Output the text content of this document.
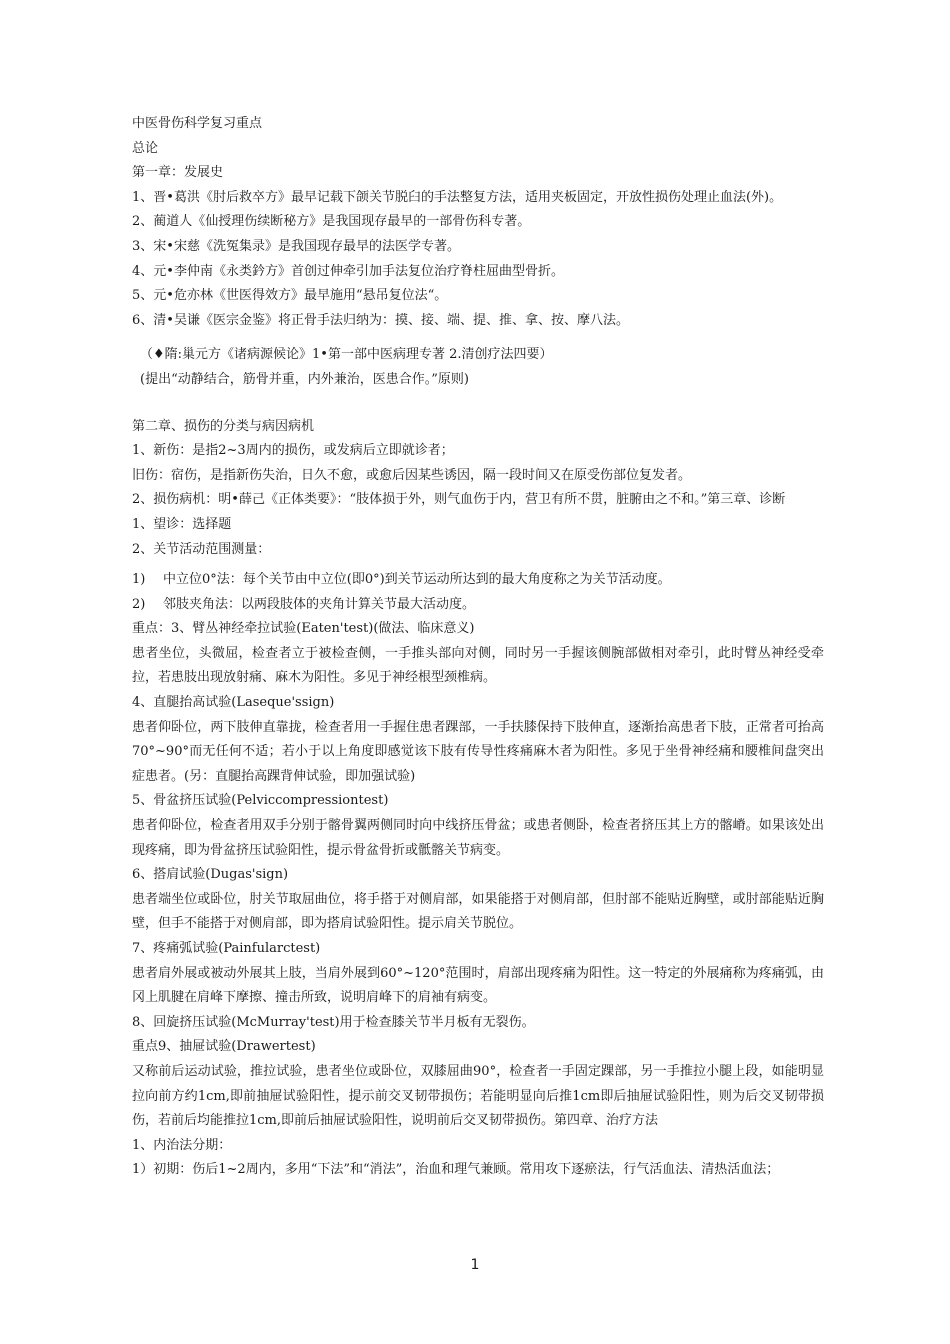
中医骨伤科学复习重点

总论

第一章：发展史

1、晋•葛洪《肘后救卒方》最早记载下颌关节脱臼的手法整复方法，适用夹板固定，开放性损伤处理止血法(外)。

2、蔺道人《仙授理伤续断秘方》是我国现存最早的一部骨伤科专著。

3、宋•宋慈《洗冤集录》是我国现存最早的法医学专著。

4、元•李仲南《永类鈐方》首创过伸牵引加手法复位治疗脊柱屈曲型骨折。

5、元•危亦林《世医得效方》最早施用“悬吊复位法“。

6、清•吴谦《医宗金鉴》将正骨手法归纳为：摸、接、端、提、推、拿、按、摩八法。

（♦隋:巢元方《诸病源候论》1•第一部中医病理专著 2.清创疗法四要）

(提出“动静结合，筋骨并重，内外兼治，医患合作。”原则)

第二章、损伤的分类与病因病机

1、新伤：是指2~3周内的损伤，或发病后立即就诊者；

旧伤：宿伤，是指新伤失治，日久不愈，或愈后因某些诱因，隔一段时间又在原受伤部位复发者。

2、损伤病机：明•薛己《正体类要》：“肢体损于外，则气血伤于内，营卫有所不贯，脏腑由之不和。”第三章、诊断

1、望诊：选择题

2、关节活动范围测量：

1) 中立位0°法：每个关节由中立位(即0°)到关节运动所达到的最大角度称之为关节活动度。

2) 邻肢夹角法：以两段肢体的夹角计算关节最大活动度。

重点：3、臂丛神经牵拉试验(Eaten'test)(做法、临床意义)

患者坐位，头微屈，检查者立于被检查侧，一手推头部向对侧，同时另一手握该侧腕部做相对牵引，此时臂丛神经受牵拉，若患肢出现放射痛、麻木为阳性。多见于神经根型颈椎病。

4、直腿抬高试验(Laseque'ssign)

患者仰卧位，两下肢伸直靠拢，检查者用一手握住患者踝部，一手扶膝保持下肢伸直，逐渐抬高患者下肢，正常者可抬高70°~90°而无任何不适；若小于以上角度即感觉该下肢有传导性疼痛麻木者为阳性。多见于坐骨神经痛和腰椎间盘突出症患者。(另：直腿抬高踝背伸试验，即加强试验)

5、骨盆挤压试验(Pelviccompressiontest)

患者仰卧位，检查者用双手分别于髂骨翼两侧同时向中线挤压骨盆；或患者侧卧，检查者挤压其上方的髂嵴。如果该处出现疼痛，即为骨盆挤压试验阳性，提示骨盆骨折或骶髂关节病变。

6、搭肩试验(Dugas'sign)

患者端坐位或卧位，肘关节取屈曲位，将手搭于对侧肩部，如果能搭于对侧肩部，但肘部不能贴近胸壁，或肘部能贴近胸壁，但手不能搭于对侧肩部，即为搭肩试验阳性。提示肩关节脱位。

7、疼痛弧试验(Painfularctest)

患者肩外展或被动外展其上肢，当肩外展到60°~120°范围时，肩部出现疼痛为阳性。这一特定的外展痛称为疼痛弧，由冈上肌腱在肩峰下摩擦、撞击所致，说明肩峰下的肩袖有病变。

8、回旋挤压试验(McMurray'test)用于检查膝关节半月板有无裂伤。

重点9、抽屉试验(Drawertest)

又称前后运动试验，推拉试验，患者坐位或卧位，双膝屈曲90°，检查者一手固定踝部，另一手推拉小腿上段，如能明显拉向前方约1cm,即前抽屉试验阳性，提示前交叉韧带损伤；若能明显向后推1cm即后抽屉试验阳性，则为后交叉韧带损伤，若前后均能推拉1cm,即前后抽屉试验阳性，说明前后交叉韧带损伤。第四章、治疗方法

1、内治法分期：

1）初期：伤后1~2周内，多用“下法”和“消法”，治血和理气兼顾。常用攻下逐瘀法，行气活血法、清热活血法；

1
